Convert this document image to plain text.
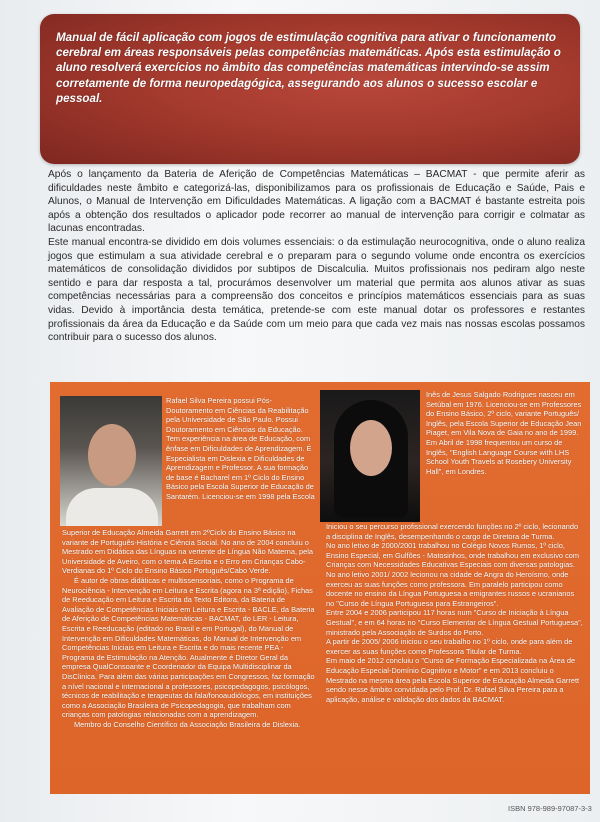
Manual de fácil aplicação com jogos de estimulação cognitiva para ativar o funcionamento cerebral em áreas responsáveis pelas competências matemáticas. Após esta estimulação o aluno resolverá exercícios no âmbito das competências matemáticas intervindo-se assim corretamente de forma neuropedagógica, assegurando aos alunos o sucesso escolar e pessoal.

Após o lançamento da Bateria de Aferição de Competências Matemáticas – BACMAT - que permite aferir as dificuldades neste âmbito e categorizá-las, disponibilizamos para os profissionais de Educação e Saúde, Pais e Alunos, o Manual de Intervenção em Dificuldades Matemáticas. A ligação com a BACMAT é bastante estreita pois após a obtenção dos resultados o aplicador pode recorrer ao manual de intervenção para corrigir e colmatar as lacunas encontradas.

Este manual encontra-se dividido em dois volumes essenciais: o da estimulação neurocognitiva, onde o aluno realiza jogos que estimulam a sua atividade cerebral e o preparam para o segundo volume onde encontra os exercícios matemáticos de consolidação divididos por subtipos de Discalculia. Muitos profissionais nos pediram algo neste sentido e para dar resposta a tal, procurámos desenvolver um material que permita aos alunos ativar as suas competências necessárias para a compreensão dos conceitos e princípios matemáticos essenciais para as suas vidas. Devido à importância desta temática, pretende-se com este manual dotar os professores e restantes profissionais da área da Educação e da Saúde com um meio para que cada vez mais nas nossas escolas possamos contribuir para o sucesso dos alunos.

Rafael Silva Pereira possui Pós-Doutoramento em Ciências da Reabilitação pela Universidade de São Paulo. Possui Doutoramento em Ciências da Educação. Tem experiência na área de Educação, com ênfase em Dificuldades de Aprendizagem. É Especialista em Dislexia e Dificuldades de Aprendizagem e Professor. A sua formação de base é Bacharel em 1º Ciclo do Ensino Básico pela Escola Superior de Educação de Santarém. Licenciou-se em 1998 pela Escola

Superior de Educação Almeida Garrett em 2ºCiclo do Ensino Básico na variante de Português-História e Ciência Social. No ano de 2004 concluiu o Mestrado em Didática das Línguas na vertente de Língua Não Materna, pela Universidade de Aveiro, com o tema A Escrita e o Erro em Crianças Cabo-Verdianas do 1º Ciclo do Ensino Básico Português/Cabo Verde.

É autor de obras didáticas e multissensoriais, como o Programa de Neurociência - Intervenção em Leitura e Escrita (agora na 3ª edição), Fichas de Reeducação em Leitura e Escrita da Texto Editora, da Bateria de Avaliação de Competências Iniciais em Leitura e Escrita - BACLE, da Bateria de Aferição de Competências Matemáticas - BACMAT, do LER - Leitura, Escrita e Reeducação (editado no Brasil e em Portugal), do Manual de Intervenção em Dificuldades Matemáticas, do Manual de Intervenção em Competências Iniciais em Leitura e Escrita e do mais recente PEA - Programa de Estimulação na Atenção. Atualmente é Diretor Geral da empresa QualConsoante e Coordenador da Equipa Multidisciplinar da DisClinica. Para além das várias participações em Congressos, faz formação a nível nacional e internacional a professores, psicopedagogos, psicólogos, técnicos de reabilitação e terapeutas da fala/fonoaudiólogos, em instituições como a Associação Brasileira de Psicopedagogia, que trabalham com crianças com patologias relacionadas com a aprendizagem.

Membro do Conselho Científico da Associação Brasileira de Dislexia.

Inês de Jesus Salgado Rodrigues nasceu em Setúbal em 1976. Licenciou-se em Professores do Ensino Básico, 2º ciclo, variante Português/ Inglês, pela Escola Superior de Educação Jean Piaget, em Vila Nova de Gaia no ano de 1999. Em Abril de 1998 frequentou um curso de Inglês, "English Language Course with LHS School Youth Travels at Rosebery University Hall", em Londres.

Iniciou o seu percurso profissional exercendo funções no 2º ciclo, lecionando a disciplina de Inglês, desempenhando o cargo de Diretora de Turma.

No ano letivo de 2000/2001 trabalhou no Colégio Novos Rumos, 1º ciclo, Ensino Especial, em Gulfões - Matosinhos, onde trabalhou em exclusivo com Crianças com Necessidades Educativas Especiais com diversas patologias.

No ano letivo 2001/ 2002 lecionou na cidade de Angra do Heroísmo, onde exerceu as suas funções como professora. Em paralelo participou como docente no ensino da Língua Portuguesa a emigrantes russos e ucranianos no "Curso de Língua Portuguesa para Estrangeiros".

Entre 2004 e 2006 participou 117 horas num "Curso de Iniciação à Língua Gestual", e em 64 horas no "Curso Elementar de Língua Gestual Portuguesa", ministrado pela Associação de Surdos do Porto.

A partir de 2005/ 2006 iniciou o seu trabalho no 1º ciclo, onde para além de exercer as suas funções como Professora Titular de Turma.

Em maio de 2012 concluiu o "Curso de Formação Especializada na Área de Educação Especial-Domínio Cognitivo e Motor" e em 2013 concluiu o Mestrado na mesma área pela Escola Superior de Educação Almeida Garrett sendo nesse âmbito convidada pelo Prof. Dr. Rafael Silva Pereira para a aplicação, análise e validação dos dados da BACMAT.

ISBN 978-989-97087-3-3
